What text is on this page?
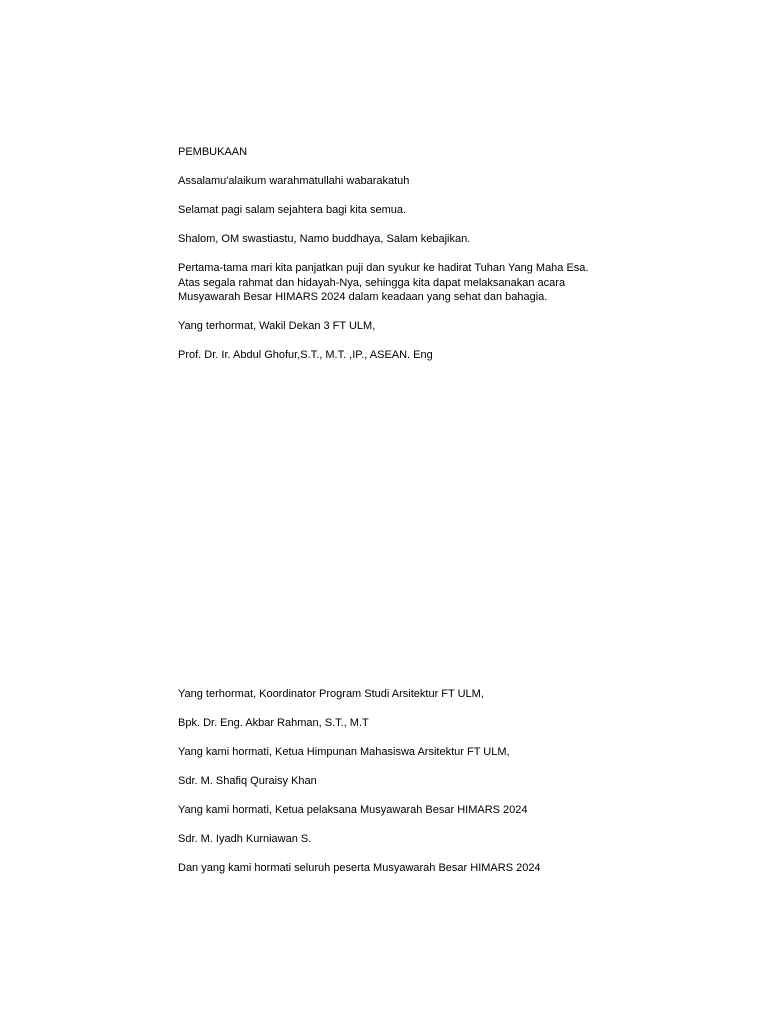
PEMBUKAAN

Assalamu'alaikum warahmatullahi wabarakatuh

Selamat pagi salam sejahtera bagi kita semua.

Shalom, OM swastiastu, Namo buddhaya, Salam kebajikan.

Pertama-tama mari kita panjatkan puji dan syukur ke hadirat Tuhan Yang Maha Esa.
Atas segala rahmat dan hidayah-Nya, sehingga kita dapat melaksanakan acara
Musyawarah Besar HIMARS 2024 dalam keadaan yang sehat dan bahagia.

Yang terhormat, Wakil Dekan 3 FT ULM,

Prof. Dr. Ir. Abdul Ghofur,S.T., M.T. ,IP., ASEAN. Eng

Yang terhormat, Koordinator Program Studi Arsitektur FT ULM,

Bpk. Dr. Eng. Akbar Rahman, S.T., M.T

Yang kami hormati, Ketua Himpunan Mahasiswa Arsitektur FT ULM,

Sdr. M. Shafiq Quraisy Khan

Yang kami hormati, Ketua pelaksana Musyawarah Besar HIMARS 2024

Sdr. M. Iyadh Kurniawan S.

Dan yang kami hormati seluruh peserta Musyawarah Besar HIMARS 2024
